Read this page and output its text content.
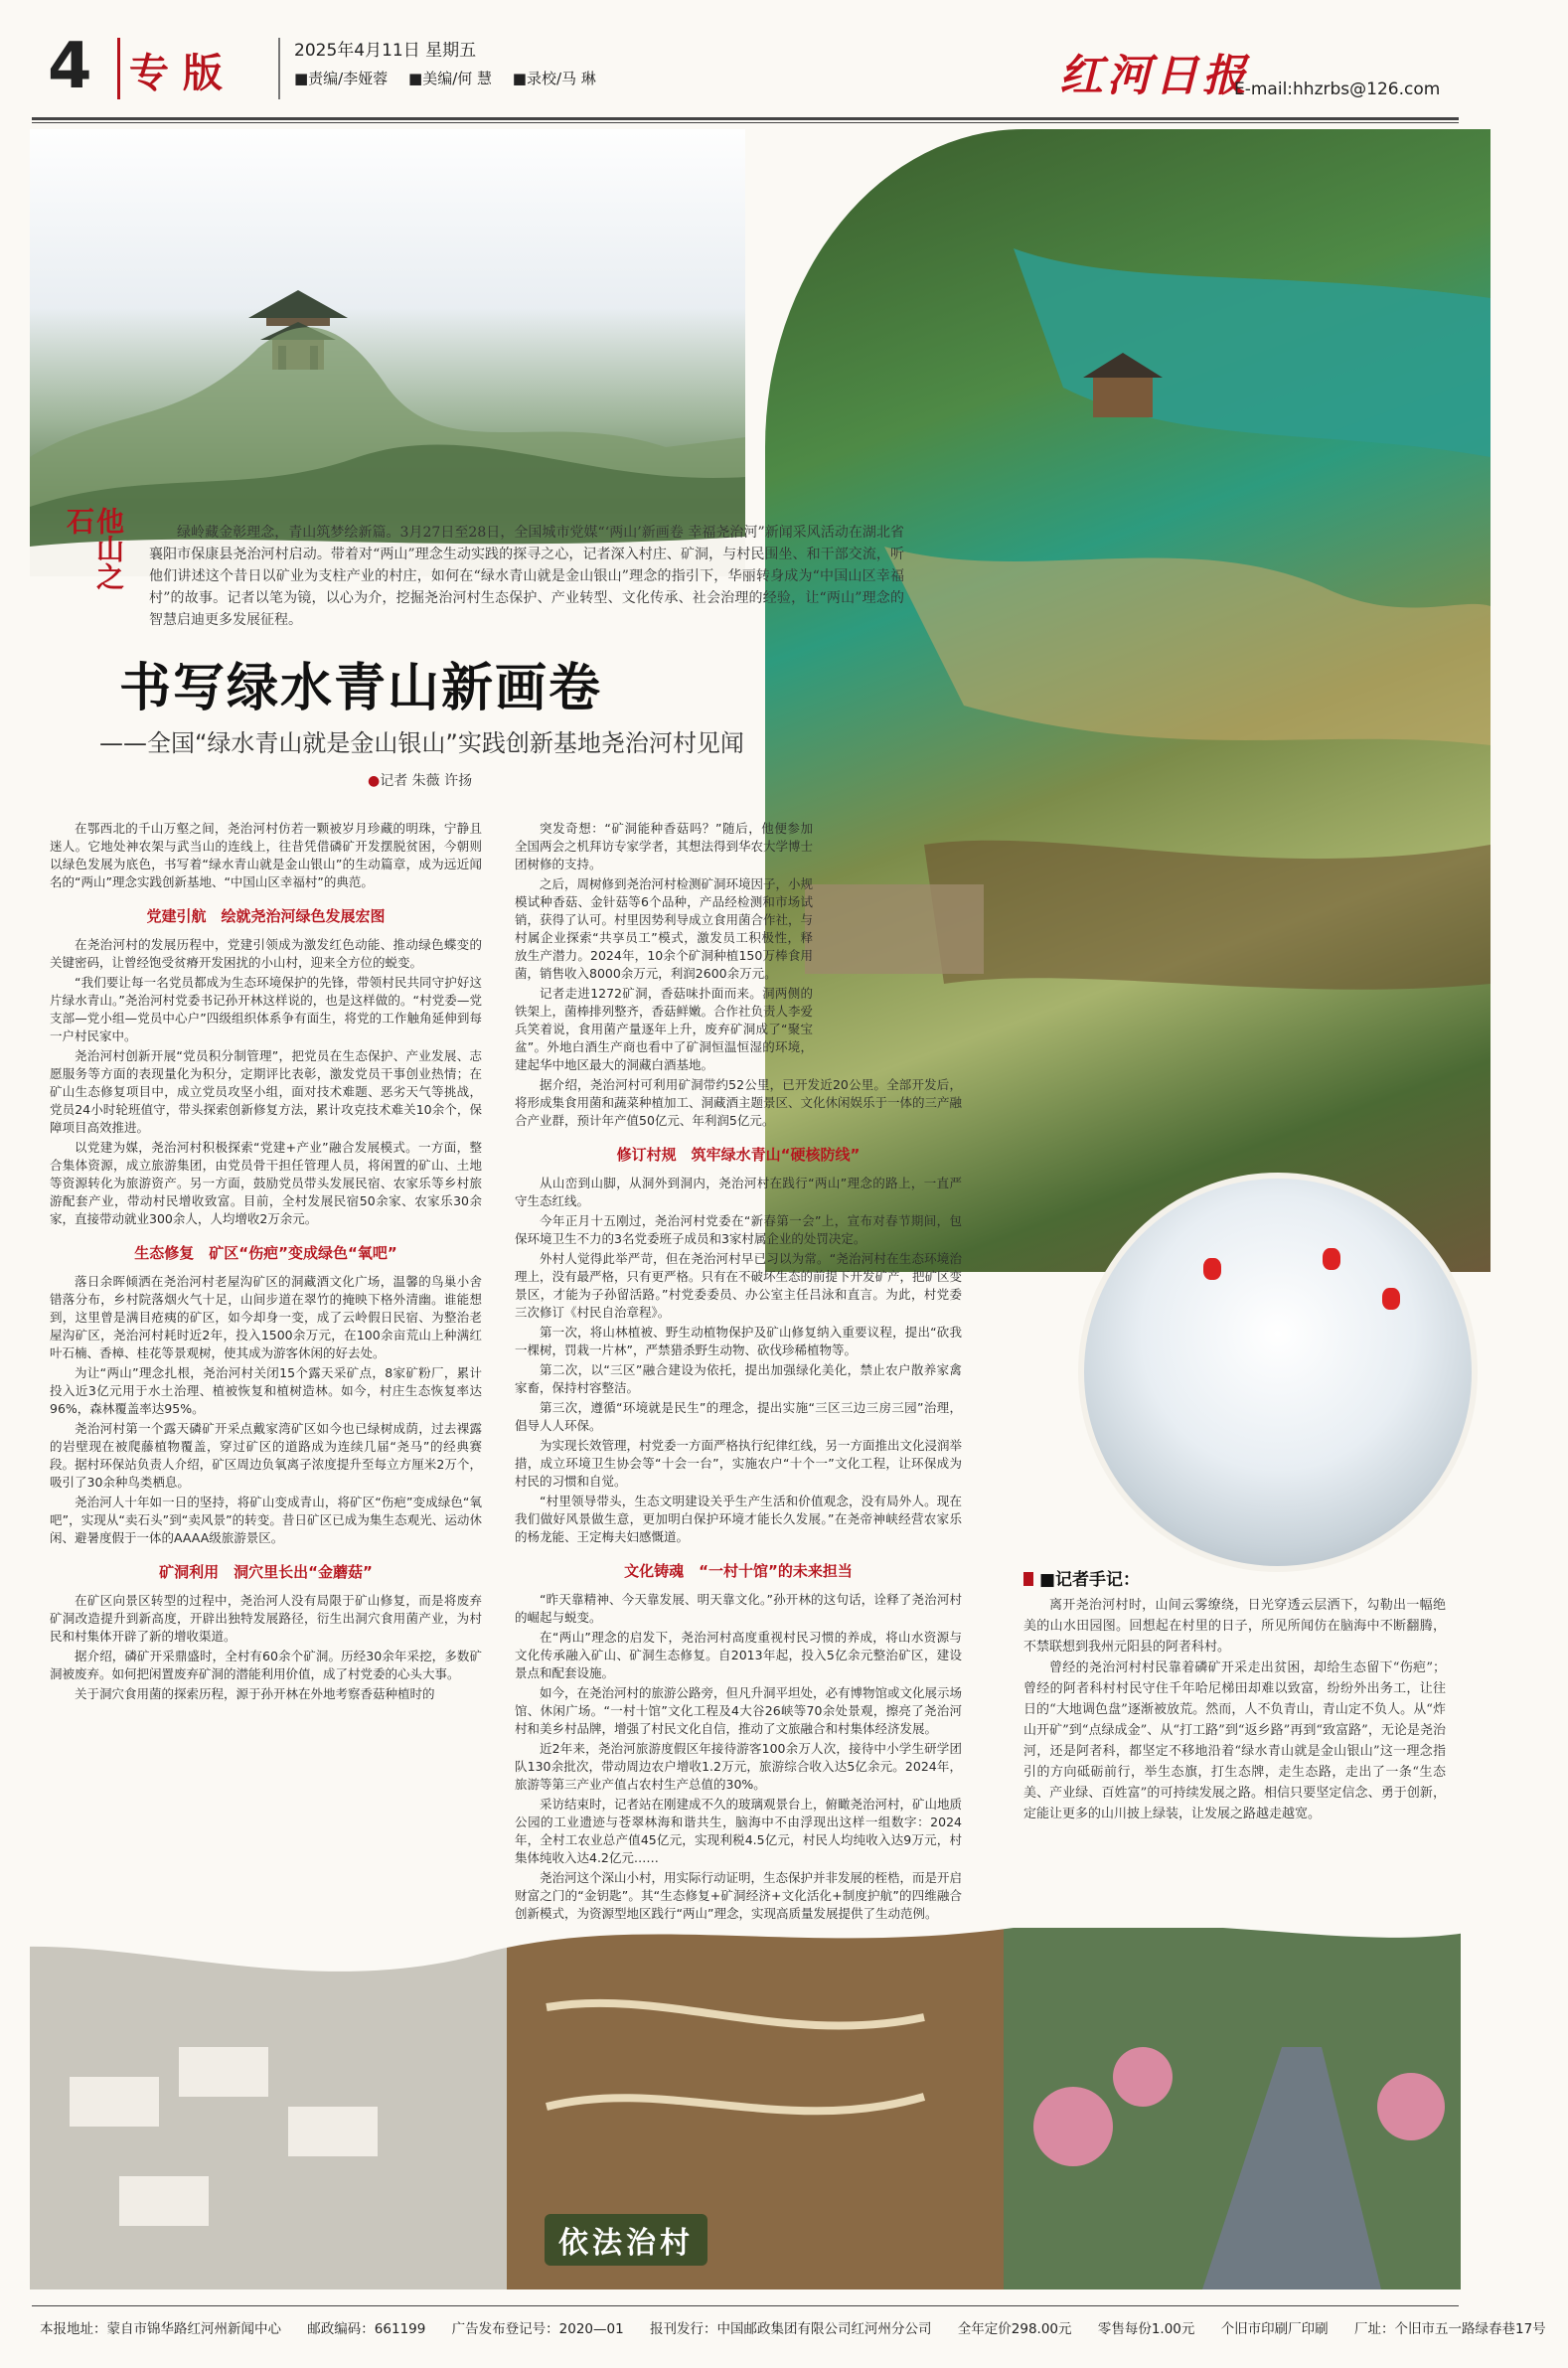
4 专 版	2025年4月11日 星期五
■责编/李娅蓉 ■美编/何 慧 ■录校/马 琳	红河日报
E-mail:hhzrbs@126.com
依法治村
他山之石	绿岭藏金彰理念，青山筑梦绘新篇。3月27日至28日，全国城市党媒“‘两山’新画卷 幸福尧治河”新闻采风活动在湖北省襄阳市保康县尧治河村启动。带着对“两山”理念生动实践的探寻之心，记者深入村庄、矿洞，与村民围坐、和干部交流，听他们讲述这个昔日以矿业为支柱产业的村庄，如何在“绿水青山就是金山银山”理念的指引下，华丽转身成为“中国山区幸福村”的故事。记者以笔为镜，以心为介，挖掘尧治河村生态保护、产业转型、文化传承、社会治理的经验，让“两山”理念的智慧启迪更多发展征程。
书写绿水青山新画卷
——全国“绿水青山就是金山银山”实践创新基地尧治河村见闻
●记者 朱薇 许扬

在鄂西北的千山万壑之间，尧治河村仿若一颗被岁月珍藏的明珠，宁静且迷人。它地处神农架与武当山的连线上，往昔凭借磷矿开发摆脱贫困，今朝则以绿色发展为底色，书写着“绿水青山就是金山银山”的生动篇章，成为远近闻名的“两山”理念实践创新基地、“中国山区幸福村”的典范。

党建引航　绘就尧治河绿色发展宏图

在尧治河村的发展历程中，党建引领成为激发红色动能、推动绿色蝶变的关键密码，让曾经饱受贫瘠开发困扰的小山村，迎来全方位的蜕变。

“我们要让每一名党员都成为生态环境保护的先锋，带领村民共同守护好这片绿水青山。”尧治河村党委书记孙开林这样说的，也是这样做的。“村党委—党支部—党小组—党员中心户”四级组织体系争有面生，将党的工作触角延伸到每一户村民家中。

尧治河村创新开展“党员积分制管理”，把党员在生态保护、产业发展、志愿服务等方面的表现量化为积分，定期评比表彰，激发党员干事创业热情；在矿山生态修复项目中，成立党员攻坚小组，面对技术难题、恶劣天气等挑战，党员24小时轮班值守，带头探索创新修复方法，累计攻克技术难关10余个，保障项目高效推进。

以党建为媒，尧治河村积极探索“党建+产业”融合发展模式。一方面，整合集体资源，成立旅游集团，由党员骨干担任管理人员，将闲置的矿山、土地等资源转化为旅游资产。另一方面，鼓励党员带头发展民宿、农家乐等乡村旅游配套产业，带动村民增收致富。目前，全村发展民宿50余家、农家乐30余家，直接带动就业300余人，人均增收2万余元。

生态修复　矿区“伤疤”变成绿色“氧吧”

落日余晖倾洒在尧治河村老屋沟矿区的洞藏酒文化广场，温馨的鸟巢小舍错落分布，乡村院落烟火气十足，山间步道在翠竹的掩映下格外清幽。谁能想到，这里曾是满目疮痍的矿区，如今却身一变，成了云岭假日民宿、为整治老屋沟矿区，尧治河村耗时近2年，投入1500余万元，在100余亩荒山上种满红叶石楠、香樟、桂花等景观树，使其成为游客休闲的好去处。

为让“两山”理念扎根，尧治河村关闭15个露天采矿点，8家矿粉厂，累计投入近3亿元用于水土治理、植被恢复和植树造林。如今，村庄生态恢复率达96%，森林覆盖率达95%。

尧治河村第一个露天磷矿开采点戴家湾矿区如今也已绿树成荫，过去裸露的岩壁现在被爬藤植物覆盖，穿过矿区的道路成为连续几届“尧马”的经典赛段。据村环保站负责人介绍，矿区周边负氧离子浓度提升至每立方厘米2万个，吸引了30余种鸟类栖息。

尧治河人十年如一日的坚持，将矿山变成青山，将矿区“伤疤”变成绿色“氧吧”，实现从“卖石头”到“卖风景”的转变。昔日矿区已成为集生态观光、运动休闲、避暑度假于一体的AAAA级旅游景区。

矿洞利用　洞穴里长出“金蘑菇”

在矿区向景区转型的过程中，尧治河人没有局限于矿山修复，而是将废弃矿洞改造提升到新高度，开辟出独特发展路径，衍生出洞穴食用菌产业，为村民和村集体开辟了新的增收渠道。

据介绍，磷矿开采鼎盛时，全村有60余个矿洞。历经30余年采挖，多数矿洞被废弃。如何把闲置废弃矿洞的潜能利用价值，成了村党委的心头大事。

关于洞穴食用菌的探索历程，源于孙开林在外地考察香菇种植时的

突发奇想：“矿洞能种香菇吗？”随后，他便参加全国两会之机拜访专家学者，其想法得到华农大学博士团树修的支持。

之后，周树修到尧治河村检测矿洞环境因子，小规模试种香菇、金针菇等6个品种，产品经检测和市场试销，获得了认可。村里因势利导成立食用菌合作社，与村属企业探索“共享员工”模式，激发员工积极性，释放生产潜力。2024年，10余个矿洞种植150万棒食用菌，销售收入8000余万元，利润2600余万元。

记者走进1272矿洞，香菇味扑面而来。洞两侧的铁架上，菌棒排列整齐，香菇鲜嫩。合作社负责人李爱兵笑着说，食用菌产量逐年上升，废弃矿洞成了“聚宝盆”。外地白酒生产商也看中了矿洞恒温恒湿的环境，建起华中地区最大的洞藏白酒基地。

据介绍，尧治河村可利用矿洞带约52公里，已开发近20公里。全部开发后，将形成集食用菌和蔬菜种植加工、洞藏酒主题景区、文化休闲娱乐于一体的三产融合产业群，预计年产值50亿元、年利润5亿元。

修订村规　筑牢绿水青山“硬核防线”

从山峦到山脚，从洞外到洞内，尧治河村在践行“两山”理念的路上，一直严守生态红线。

今年正月十五刚过，尧治河村党委在“新春第一会”上，宣布对春节期间，包保环境卫生不力的3名党委班子成员和3家村属企业的处罚决定。

外村人觉得此举严苛，但在尧治河村早已习以为常。“尧治河村在生态环境治理上，没有最严格，只有更严格。只有在不破坏生态的前提下开发矿产，把矿区变景区，才能为子孙留活路。”村党委委员、办公室主任吕泳和直言。为此，村党委三次修订《村民自治章程》。

第一次，将山林植被、野生动植物保护及矿山修复纳入重要议程，提出“砍我一棵树，罚栽一片林”，严禁猎杀野生动物、砍伐珍稀植物等。

第二次，以“三区”融合建设为依托，提出加强绿化美化，禁止农户散养家禽家畜，保持村容整洁。

第三次，遵循“环境就是民生”的理念，提出实施“三区三边三房三园”治理，倡导人人环保。

为实现长效管理，村党委一方面严格执行纪律红线，另一方面推出文化浸润举措，成立环境卫生协会等“十会一台”，实施农户“十个一”文化工程，让环保成为村民的习惯和自觉。

“村里领导带头，生态文明建设关乎生产生活和价值观念，没有局外人。现在我们做好风景做生意，更加明白保护环境才能长久发展。”在尧帝神峡经营农家乐的杨龙能、王定梅夫妇感慨道。

文化铸魂　“一村十馆”的未来担当

“昨天靠精神、今天靠发展、明天靠文化。”孙开林的这句话，诠释了尧治河村的崛起与蜕变。

在“两山”理念的启发下，尧治河村高度重视村民习惯的养成，将山水资源与文化传承融入矿山、矿洞生态修复。自2013年起，投入5亿余元整治矿区，建设景点和配套设施。

如今，在尧治河村的旅游公路旁，但凡升洞平坦处，必有博物馆或文化展示场馆、休闲广场。“一村十馆”文化工程及4大谷26峡等70余处景观，擦亮了尧治河村和美乡村品牌，增强了村民文化自信，推动了文旅融合和村集体经济发展。

近2年来，尧治河旅游度假区年接待游客100余万人次，接待中小学生研学团队130余批次，带动周边农户增收1.2万元，旅游综合收入达5亿余元。2024年，旅游等第三产业产值占农村生产总值的30%。

采访结束时，记者站在刚建成不久的玻璃观景台上，俯瞰尧治河村，矿山地质公园的工业遗迹与苍翠林海和谐共生，脑海中不由浮现出这样一组数字：2024年，全村工农业总产值45亿元，实现利税4.5亿元，村民人均纯收入达9万元，村集体纯收入达4.2亿元……

尧治河这个深山小村，用实际行动证明，生态保护并非发展的桎梏，而是开启财富之门的“金钥匙”。其“生态修复+矿洞经济+文化活化+制度护航”的四维融合创新模式，为资源型地区践行“两山”理念，实现高质量发展提供了生动范例。

■记者手记：

离开尧治河村时，山间云雾缭绕，日光穿透云层洒下，勾勒出一幅绝美的山水田园图。回想起在村里的日子，所见所闻仿在脑海中不断翻腾，不禁联想到我州元阳县的阿者科村。

曾经的尧治河村村民靠着磷矿开采走出贫困，却给生态留下“伤疤”；曾经的阿者科村村民守住千年哈尼梯田却难以致富，纷纷外出务工，让往日的“大地调色盘”逐渐被放荒。然而，人不负青山，青山定不负人。从“炸山开矿”到“点绿成金”、从“打工路”到“返乡路”再到“致富路”，无论是尧治河，还是阿者科，都坚定不移地沿着“绿水青山就是金山银山”这一理念指引的方向砥砺前行，举生态旗，打生态牌，走生态路，走出了一条“生态美、产业绿、百姓富”的可持续发展之路。相信只要坚定信念、勇于创新，定能让更多的山川披上绿装，让发展之路越走越宽。

本报地址：蒙自市锦华路红河州新闻中心 邮政编码：661199 广告发布登记号：2020—01 报刊发行：中国邮政集团有限公司红河州分公司 全年定价298.00元 零售每份1.00元 个旧市印刷厂印刷 厂址：个旧市五一路绿春巷17号
